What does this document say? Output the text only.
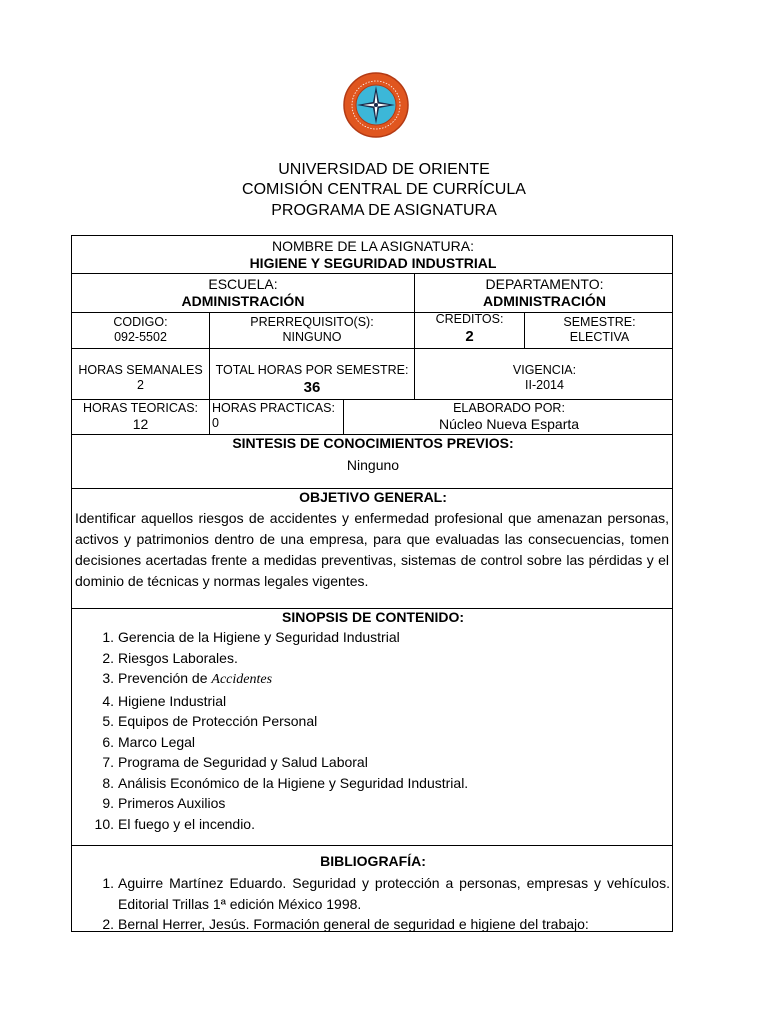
UNIVERSIDAD DE ORIENTE
COMISIÓN CENTRAL DE CURRÍCULA
PROGRAMA DE ASIGNATURA
NOMBRE DE LA ASIGNATURA:
HIGIENE Y SEGURIDAD INDUSTRIAL
ESCUELA:
ADMINISTRACIÓN
DEPARTAMENTO:
ADMINISTRACIÓN
CODIGO:
092-5502
PRERREQUISITO(S):
NINGUNO
CREDITOS:
2
SEMESTRE:
ELECTIVA
HORAS SEMANALES
2
TOTAL HORAS POR SEMESTRE:
36
VIGENCIA:
II-2014
HORAS TEORICAS:
12
HORAS PRACTICAS:
0
ELABORADO POR:
Núcleo Nueva Esparta
SINTESIS DE CONOCIMIENTOS PREVIOS:
Ninguno
OBJETIVO GENERAL:
Identificar aquellos riesgos de accidentes y enfermedad profesional que amenazan personas, activos y patrimonios dentro de una empresa, para que evaluadas las consecuencias, tomen decisiones acertadas frente a medidas preventivas, sistemas de control sobre las pérdidas y el dominio de técnicas y normas legales vigentes.
SINOPSIS DE CONTENIDO:
1. Gerencia de la Higiene y Seguridad Industrial
2. Riesgos Laborales.
3. Prevención de Accidentes
4. Higiene Industrial
5. Equipos de Protección Personal
6. Marco Legal
7. Programa de Seguridad y Salud Laboral
8. Análisis Económico de la Higiene y Seguridad Industrial.
9. Primeros Auxilios
10. El fuego y el incendio.
BIBLIOGRAFÍA:
1. Aguirre Martínez Eduardo. Seguridad y protección a personas, empresas y vehículos. Editorial Trillas 1ª edición México 1998.
2. Bernal Herrer, Jesús. Formación general de seguridad e higiene del trabajo:
